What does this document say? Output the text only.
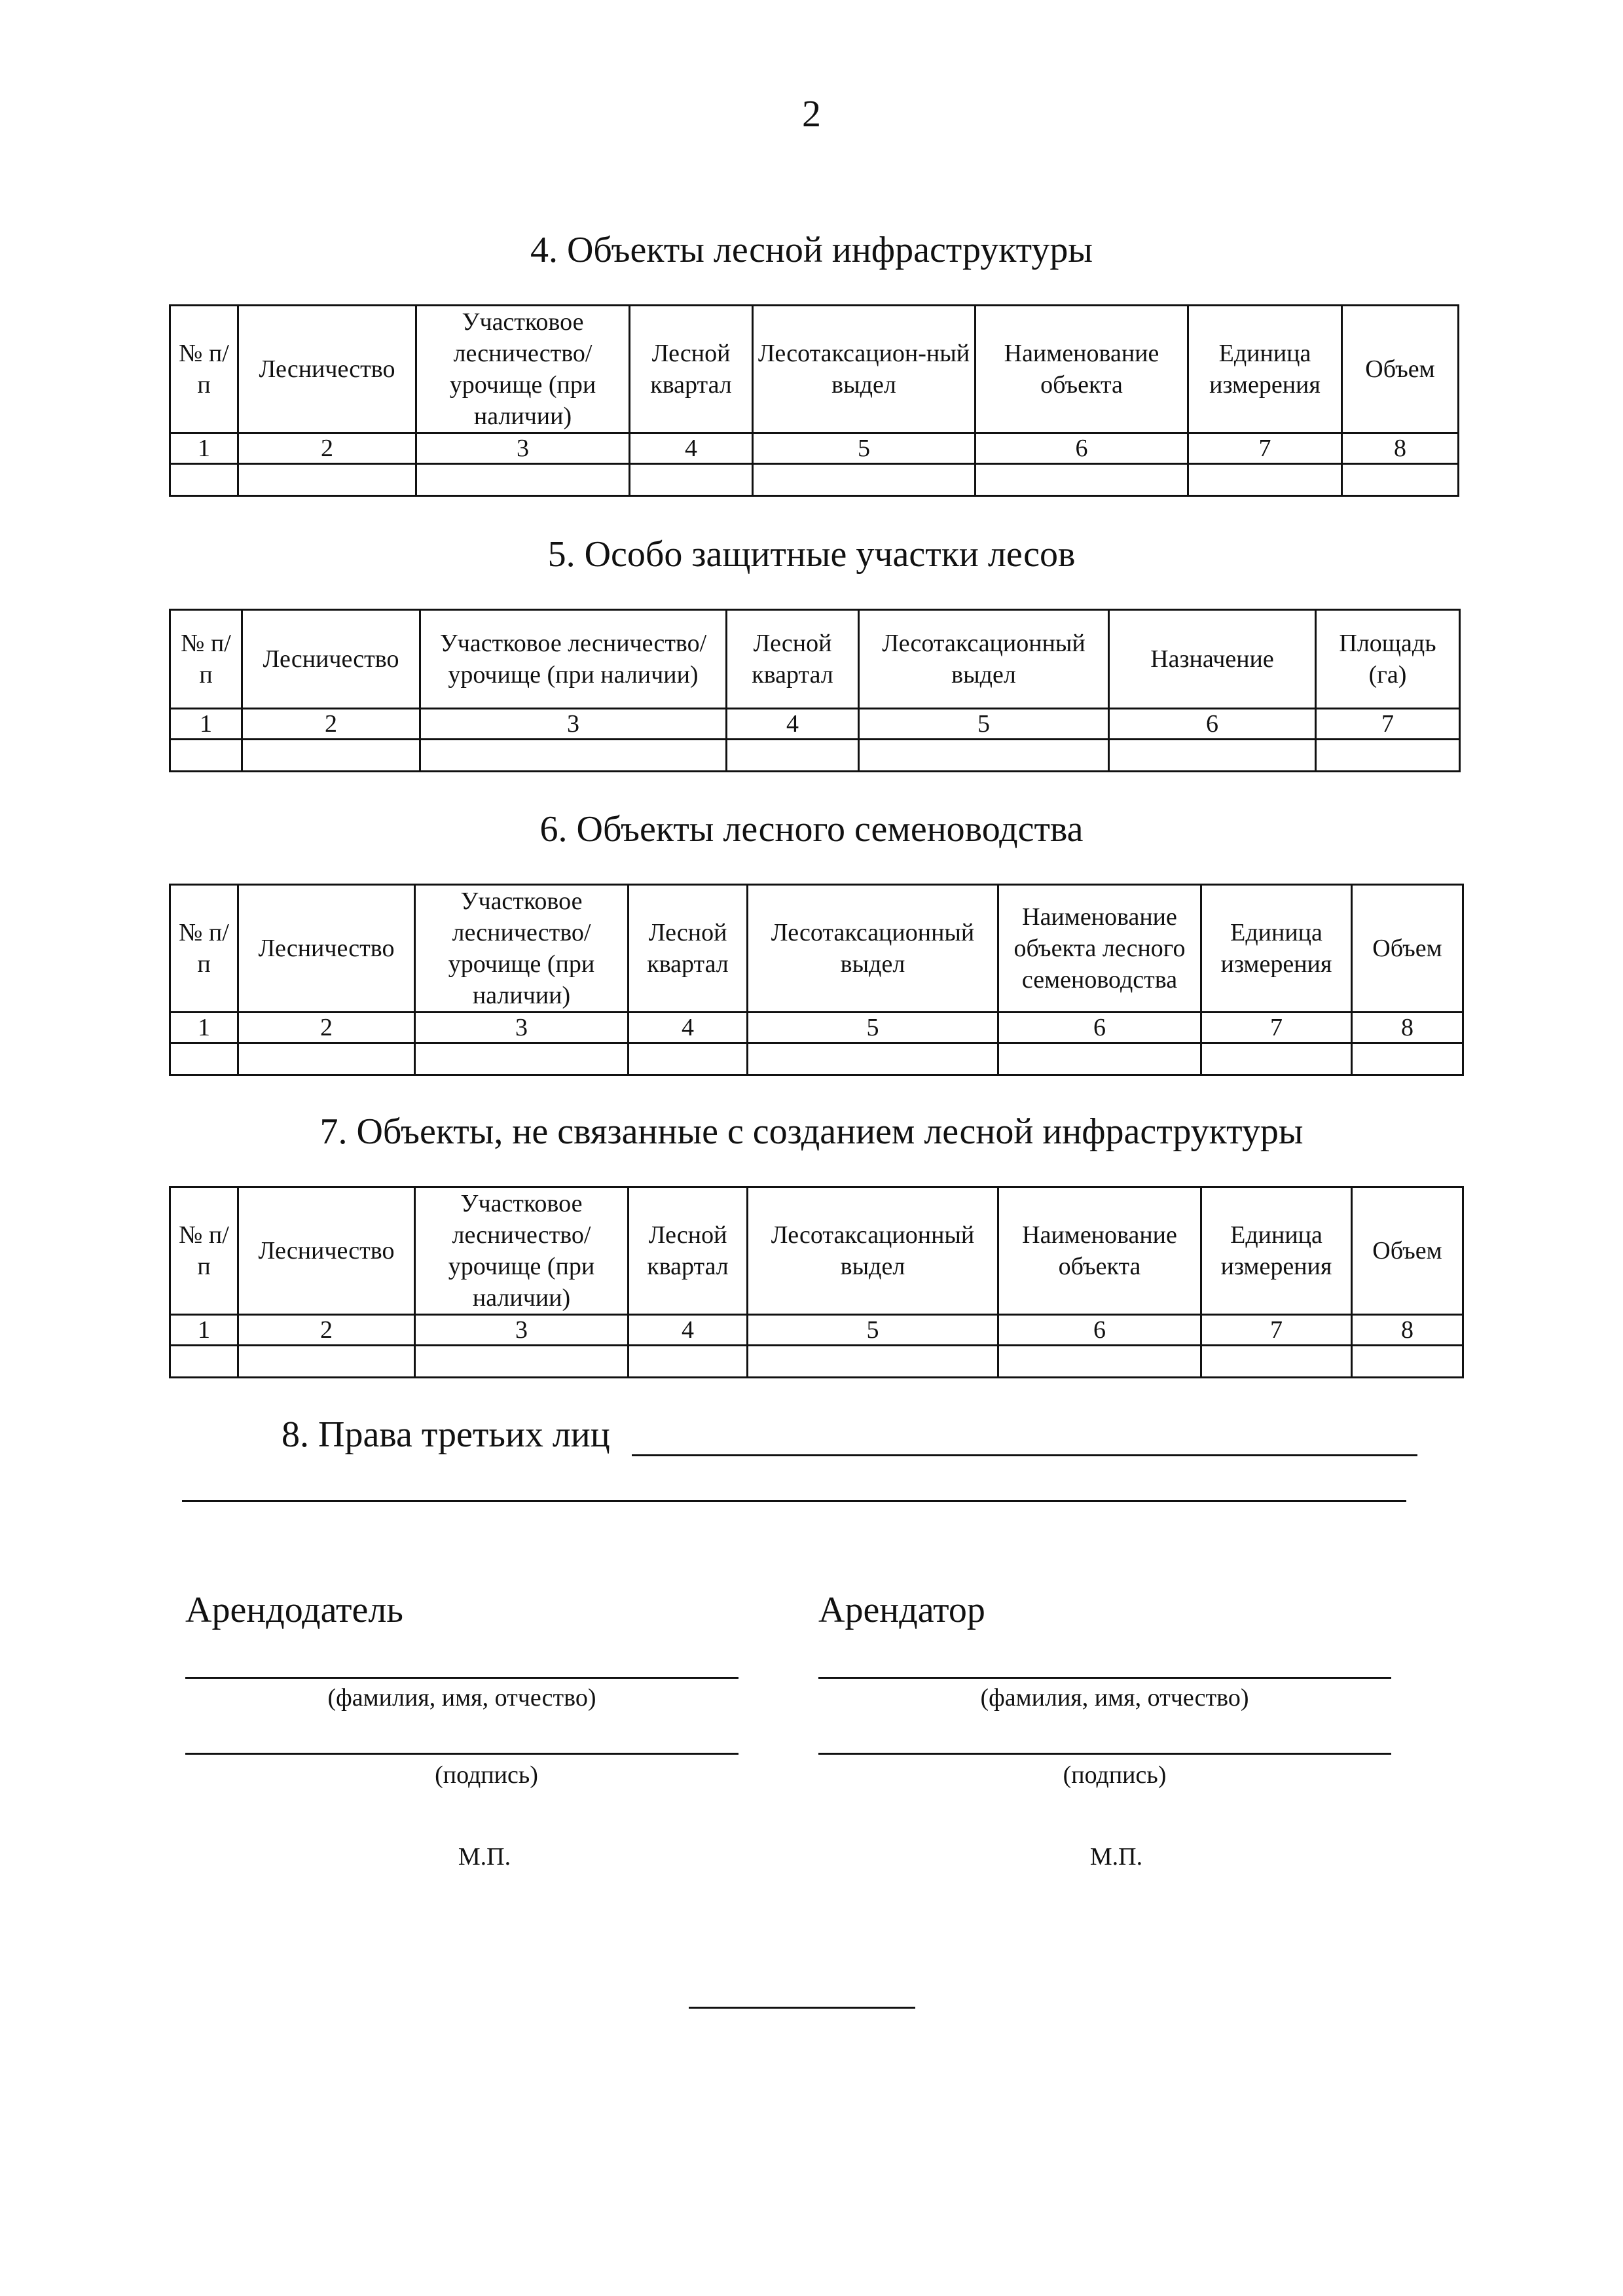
2
4. Объекты лесной инфраструктуры
№ п/п	Лесничество	Участковое лесничество/ урочище (при наличии)	Лесной квартал	Лесотаксацион-ный выдел	Наименование объекта	Единица измерения	Объем
1	2	3	4	5	6	7	8

5. Особо защитные участки лесов
№ п/п	Лесничество	Участковое лесничество/урочище (при наличии)	Лесной квартал	Лесотаксационный выдел	Назначение	Площадь (га)
1	2	3	4	5	6	7

6. Объекты лесного семеноводства
№ п/п	Лесничество	Участковое лесничество/ урочище (при наличии)	Лесной квартал	Лесотаксационный выдел	Наименование объекта лесного семеноводства	Единица измерения	Объем
1	2	3	4	5	6	7	8

7. Объекты, не связанные с созданием лесной инфраструктуры
№ п/п	Лесничество	Участковое лесничество/ урочище (при наличии)	Лесной квартал	Лесотаксационный выдел	Наименование объекта	Единица измерения	Объем
1	2	3	4	5	6	7	8

8. Права третьих лиц
Арендодатель
(фамилия, имя, отчество)
(подпись)
М.П.
Арендатор
(фамилия, имя, отчество)
(подпись)
М.П.
